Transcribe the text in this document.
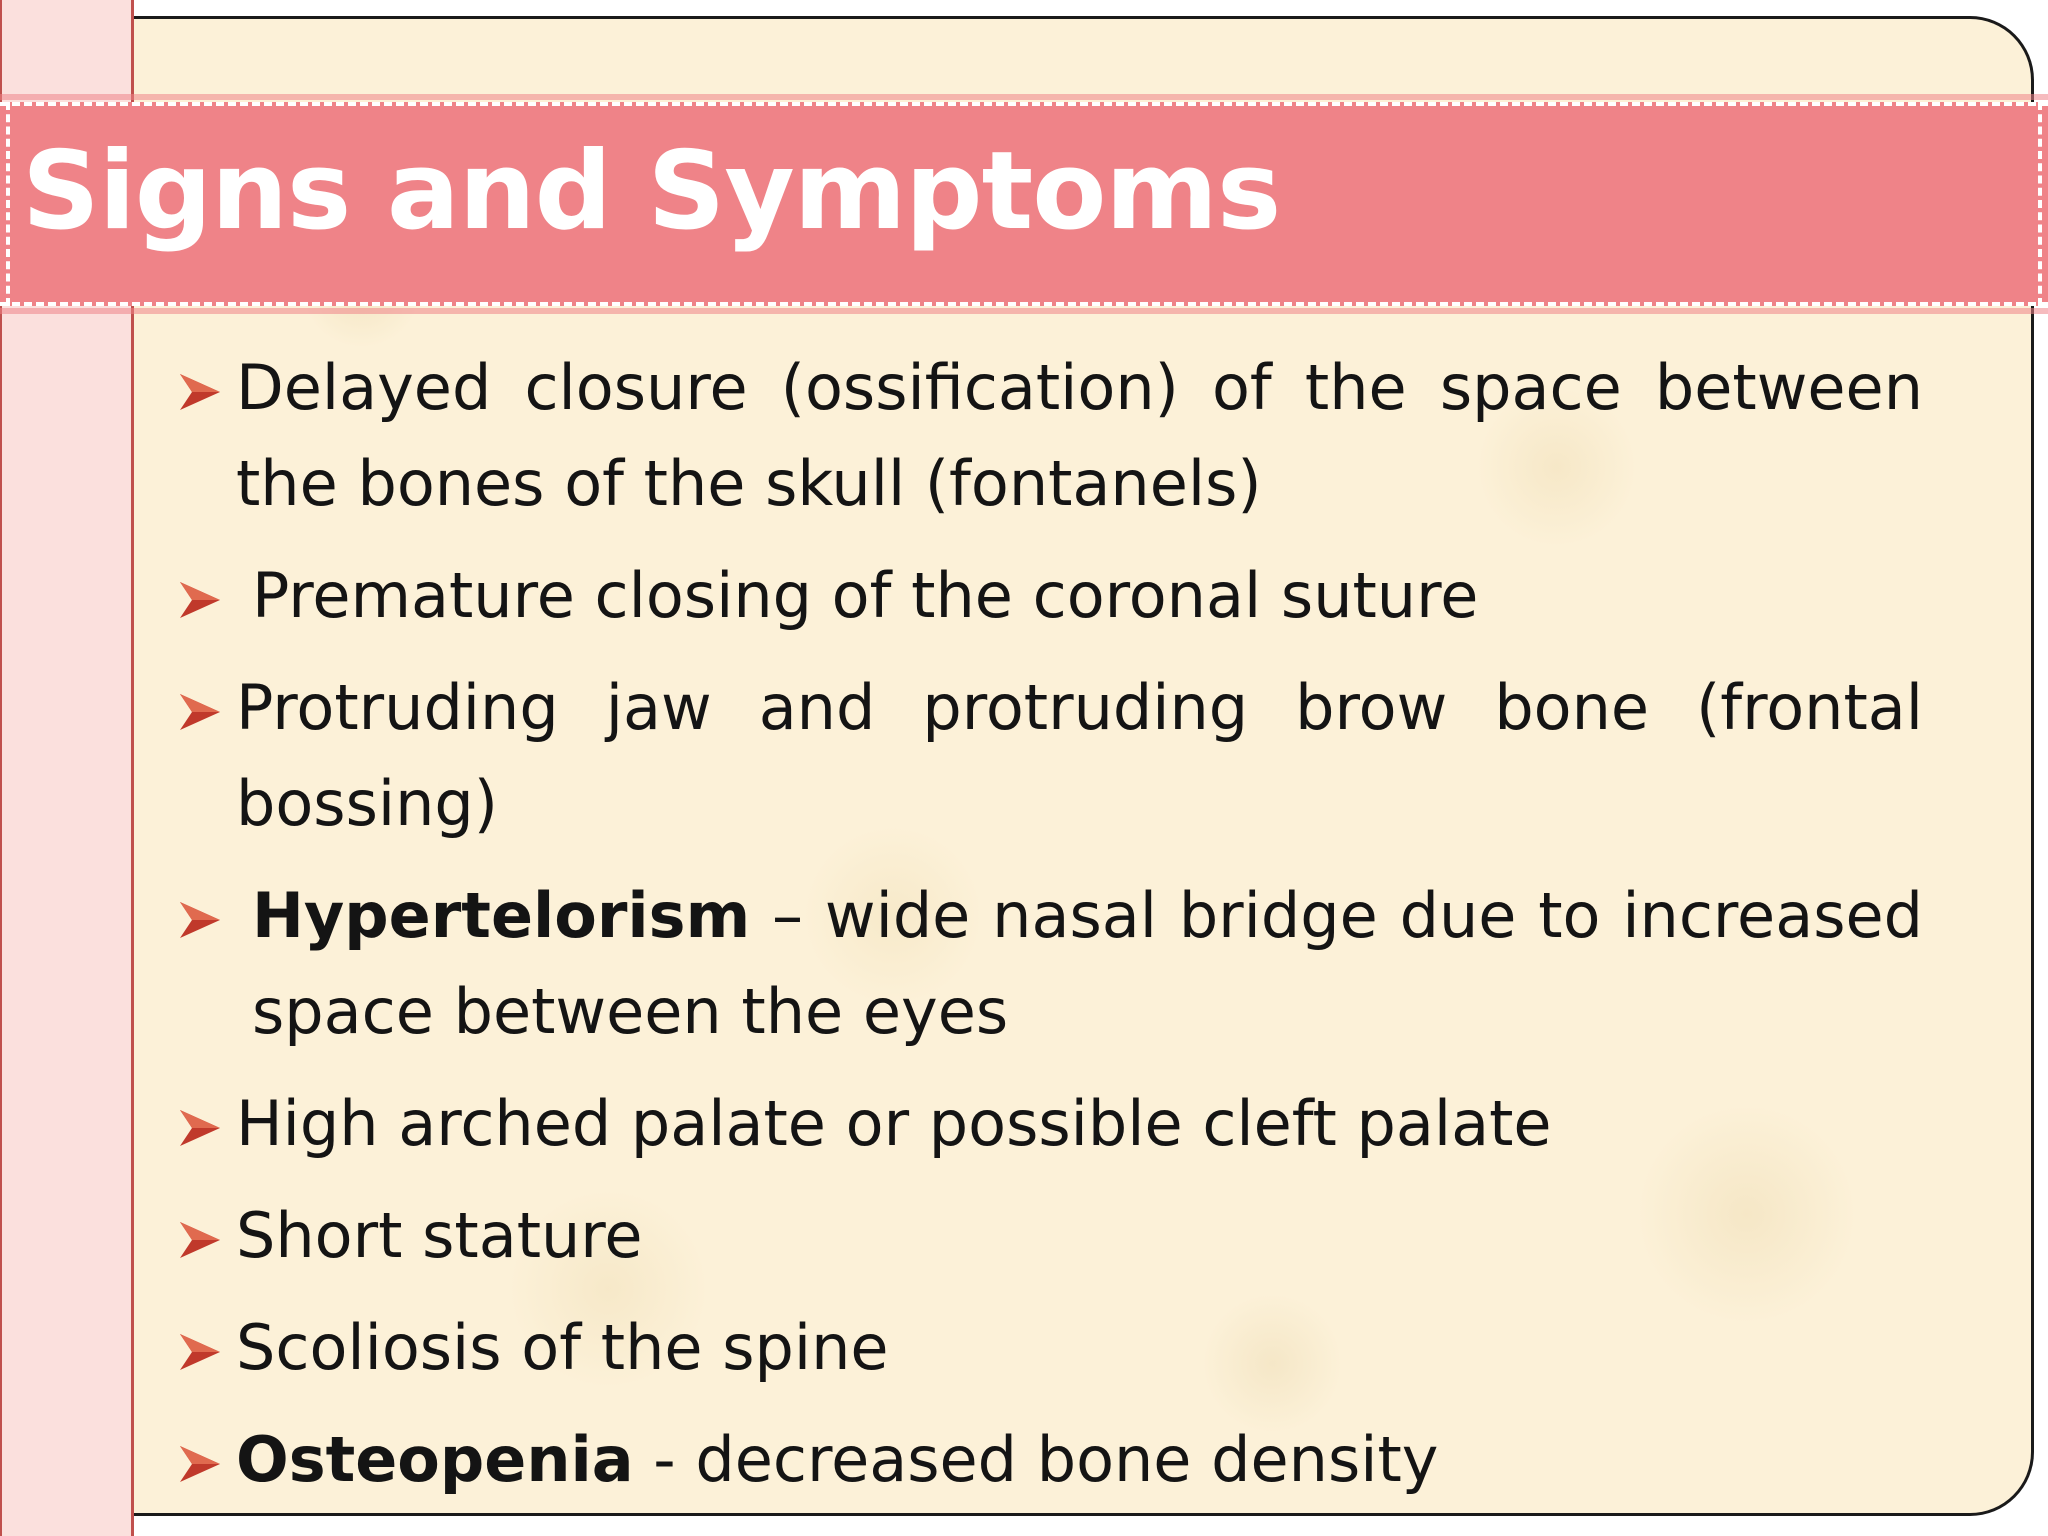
Signs and Symptoms
Delayed closure (ossification) of the space between the bones of the skull (fontanels)
Premature closing of the coronal suture
Protruding jaw and protruding brow bone (frontal bossing)
Hypertelorism – wide nasal bridge due to increased space between the eyes
High arched palate or possible cleft palate
Short stature
Scoliosis of the spine
Osteopenia - decreased bone density
